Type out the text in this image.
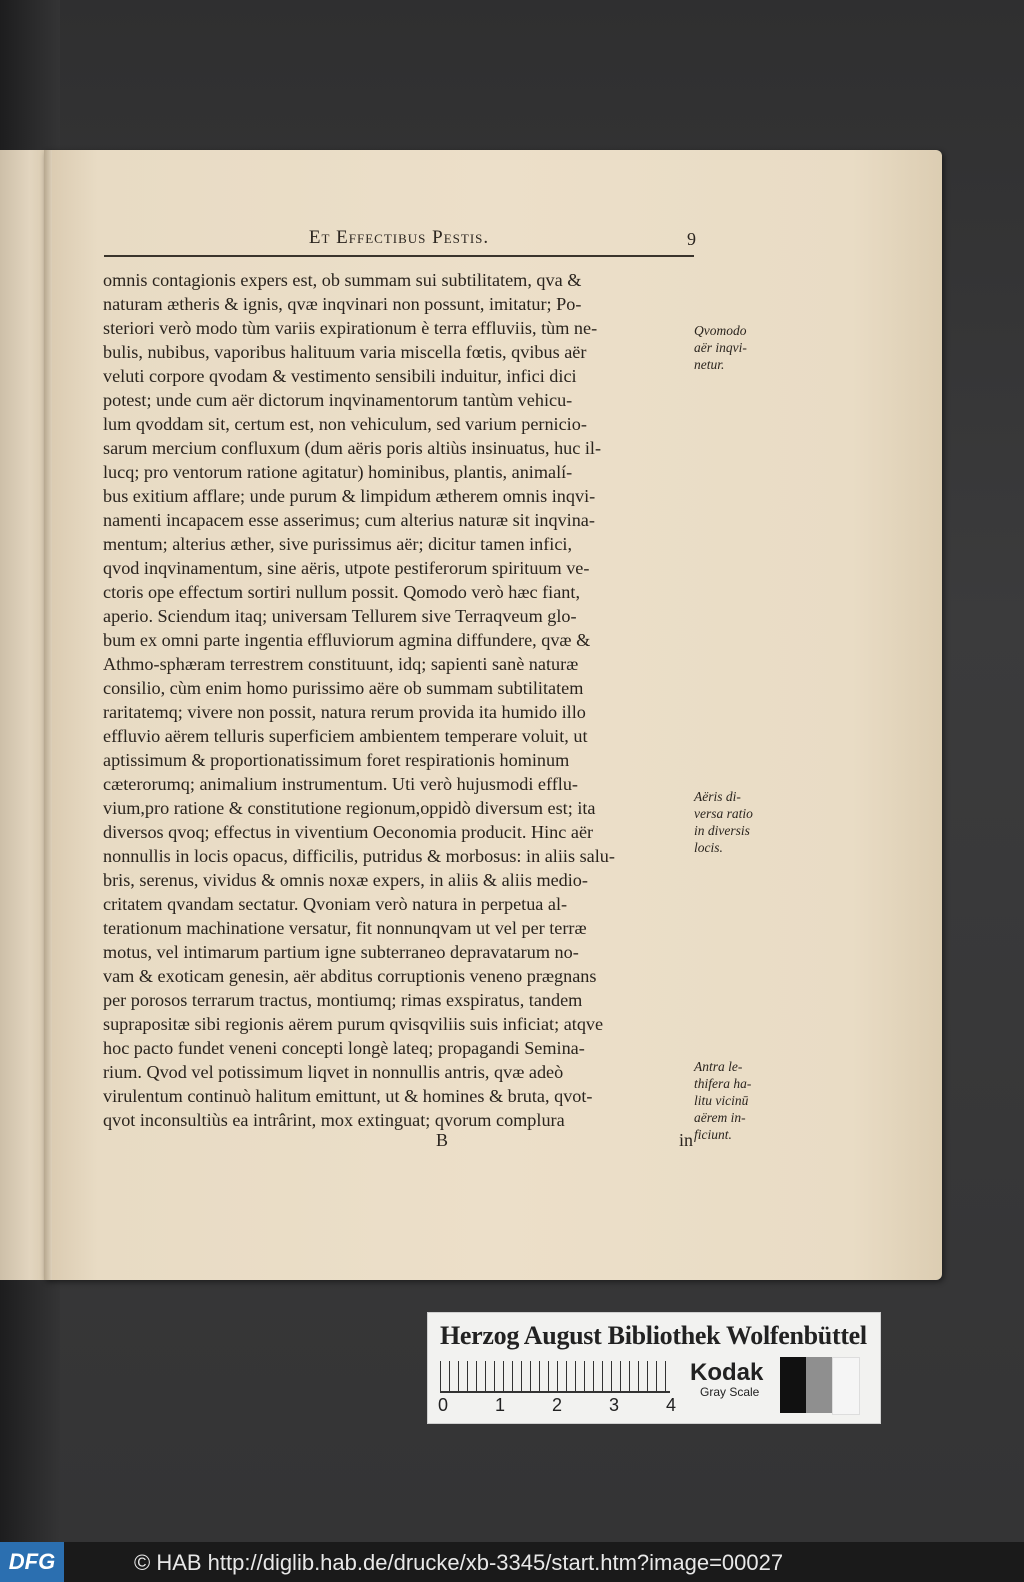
Et Effectibus Pestis.	9
omnis contagionis expers est, ob summam sui subtilitatem, qva &
naturam ætheris & ignis, qvæ inqvinari non possunt, imitatur; Po-
steriori verò modo tùm variis expirationum è terra effluviis, tùm ne-
bulis, nubibus, vaporibus halituum varia miscella fœtis, qvibus aër
veluti corpore qvodam & vestimento sensibili induitur, infici dici
potest; unde cum aër dictorum inqvinamentorum tantùm vehicu-
lum qvoddam sit, certum est, non vehiculum, sed varium pernicio-
sarum mercium confluxum (dum aëris poris altiùs insinuatus, huc il-
lucq; pro ventorum ratione agitatur) hominibus, plantis, animalí-
bus exitium afflare; unde purum & limpidum ætherem omnis inqvi-
namenti incapacem esse asserimus; cum alterius naturæ sit inqvina-
mentum; alterius æther, sive purissimus aër; dicitur tamen infici,
qvod inqvinamentum, sine aëris, utpote pestiferorum spirituum ve-
ctoris ope effectum sortiri nullum possit. Qomodo verò hæc fiant,
aperio. Sciendum itaq; universam Tellurem sive Terraqveum glo-
bum ex omni parte ingentia effluviorum agmina diffundere, qvæ &
Athmo-sphæram terrestrem constituunt, idq; sapienti sanè naturæ
consilio, cùm enim homo purissimo aëre ob summam subtilitatem
raritatemq; vivere non possit, natura rerum provida ita humido illo
effluvio aërem telluris superficiem ambientem temperare voluit, ut
aptissimum & proportionatissimum foret respirationis hominum
cæterorumq; animalium instrumentum. Uti verò hujusmodi efflu-
vium,pro ratione & constitutione regionum,oppidò diversum est; ita
diversos qvoq; effectus in viventium Oeconomia producit. Hinc aër
nonnullis in locis opacus, difficilis, putridus & morbosus: in aliis salu-
bris, serenus, vividus & omnis noxæ expers, in aliis & aliis medio-
critatem qvandam sectatur. Qvoniam verò natura in perpetua al-
terationum machinatione versatur, fit nonnunqvam ut vel per terræ
motus, vel intimarum partium igne subterraneo depravatarum no-
vam & exoticam genesin, aër abditus corruptionis veneno prægnans
per porosos terrarum tractus, montiumq; rimas exspiratus, tandem
suprapositæ sibi regionis aërem purum qvisqviliis suis inficiat; atqve
hoc pacto fundet veneni concepti longè lateq; propagandi Semina-
rium. Qvod vel potissimum liqvet in nonnullis antris, qvæ adeò
virulentum continuò halitum emittunt, ut & homines & bruta, qvot-
qvot inconsultiùs ea intrârint, mox extinguat; qvorum complura
Qvomodo
aër inqvi-
netur.
Aëris di-
versa ratio
in diversis
locis.
Antra le-
thifera ha-
litu vicinū
aërem in-
ficiunt.
B	in
Herzog August Bibliothek Wolfenbüttel
0	1	2	3	4
Kodak
Gray Scale
DFG	© HAB http://diglib.hab.de/drucke/xb-3345/start.htm?image=00027
